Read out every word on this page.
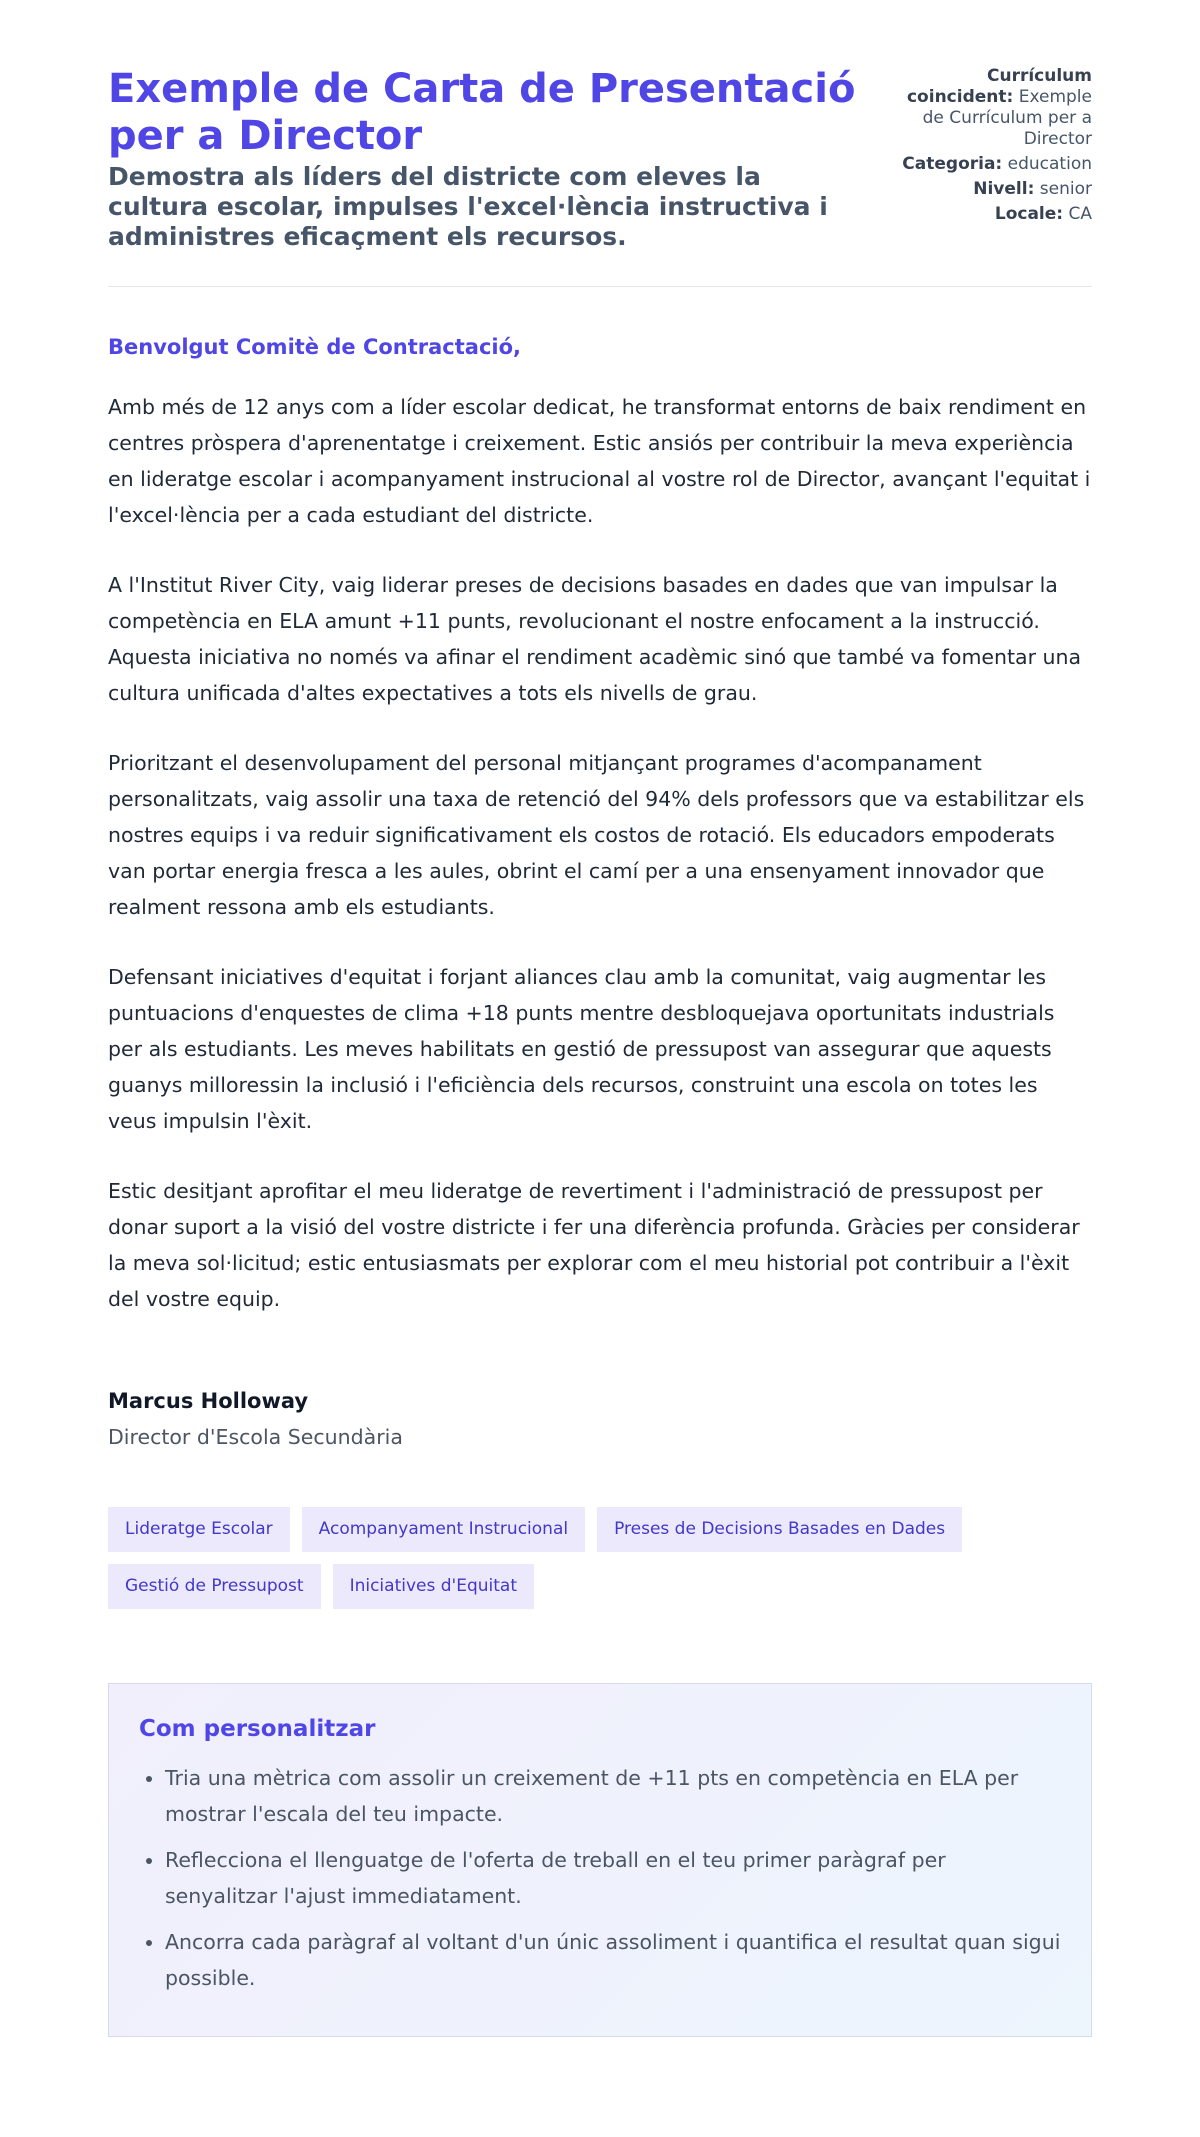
Exemple de Carta de Presentació per a Director
Demostra als líders del districte com eleves la cultura escolar, impulses l'excel·lència instructiva i administres eficaçment els recursos.
Currículum coincident: Exemple de Currículum per a Director
Categoria: education
Nivell: senior
Locale: CA
Benvolgut Comitè de Contractació,

Amb més de 12 anys com a líder escolar dedicat, he transformat entorns de baix rendiment en centres pròspera d'aprenentatge i creixement. Estic ansiós per contribuir la meva experiència en lideratge escolar i acompanyament instrucional al vostre rol de Director, avançant l'equitat i l'excel·lència per a cada estudiant del districte.

A l'Institut River City, vaig liderar preses de decisions basades en dades que van impulsar la competència en ELA amunt +11 punts, revolucionant el nostre enfocament a la instrucció. Aquesta iniciativa no només va afinar el rendiment acadèmic sinó que també va fomentar una cultura unificada d'altes expectatives a tots els nivells de grau.

Prioritzant el desenvolupament del personal mitjançant programes d'acompanament personalitzats, vaig assolir una taxa de retenció del 94% dels professors que va estabilitzar els nostres equips i va reduir significativament els costos de rotació. Els educadors empoderats van portar energia fresca a les aules, obrint el camí per a una ensenyament innovador que realment ressona amb els estudiants.

Defensant iniciatives d'equitat i forjant aliances clau amb la comunitat, vaig augmentar les puntuacions d'enquestes de clima +18 punts mentre desbloquejava oportunitats industrials per als estudiants. Les meves habilitats en gestió de pressupost van assegurar que aquests guanys milloressin la inclusió i l'eficiència dels recursos, construint una escola on totes les veus impulsin l'èxit.

Estic desitjant aprofitar el meu lideratge de revertiment i l'administració de pressupost per donar suport a la visió del vostre districte i fer una diferència profunda. Gràcies per considerar la meva sol·licitud; estic entusiasmats per explorar com el meu historial pot contribuir a l'èxit del vostre equip.

Marcus Holloway
Director d'Escola Secundària
Lideratge Escolar	Acompanyament Instrucional	Preses de Decisions Basades en Dades
Gestió de Pressupost	Iniciatives d'Equitat
Com personalitzar
• Tria una mètrica com assolir un creixement de +11 pts en competència en ELA per mostrar l'escala del teu impacte.
• Reflecciona el llenguatge de l'oferta de treball en el teu primer paràgraf per senyalitzar l'ajust immediatament.
• Ancorra cada paràgraf al voltant d'un únic assoliment i quantifica el resultat quan sigui possible.
